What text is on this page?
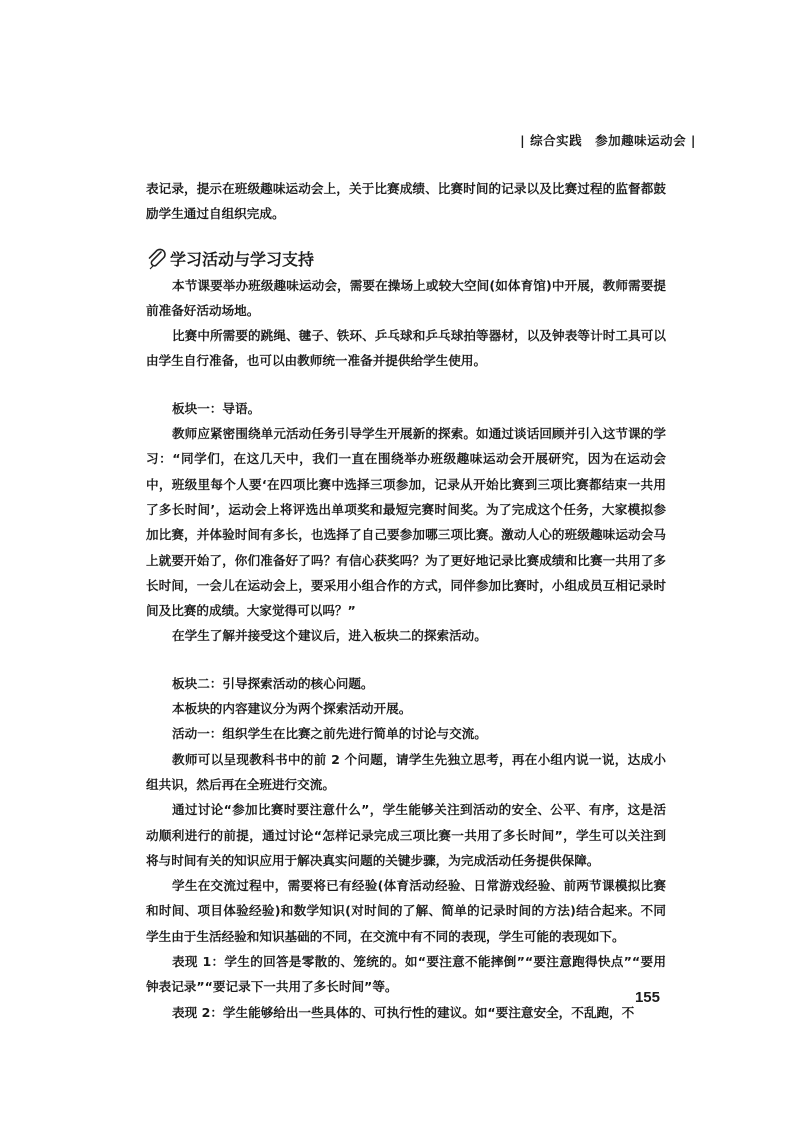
| 综合实践　参加趣味运动会 |

表记录，提示在班级趣味运动会上，关于比赛成绩、比赛时间的记录以及比赛过程的监督都鼓励学生通过自组织完成。

学习活动与学习支持

本节课要举办班级趣味运动会，需要在操场上或较大空间(如体育馆)中开展，教师需要提前准备好活动场地。

比赛中所需要的跳绳、毽子、铁环、乒乓球和乒乓球拍等器材，以及钟表等计时工具可以由学生自行准备，也可以由教师统一准备并提供给学生使用。

板块一：导语。

教师应紧密围绕单元活动任务引导学生开展新的探索。如通过谈话回顾并引入这节课的学习：“同学们，在这几天中，我们一直在围绕举办班级趣味运动会开展研究，因为在运动会中，班级里每个人要‘在四项比赛中选择三项参加，记录从开始比赛到三项比赛都结束一共用了多长时间’，运动会上将评选出单项奖和最短完赛时间奖。为了完成这个任务，大家模拟参加比赛，并体验时间有多长，也选择了自己要参加哪三项比赛。激动人心的班级趣味运动会马上就要开始了，你们准备好了吗？有信心获奖吗？为了更好地记录比赛成绩和比赛一共用了多长时间，一会儿在运动会上，要采用小组合作的方式，同伴参加比赛时，小组成员互相记录时间及比赛的成绩。大家觉得可以吗？”

在学生了解并接受这个建议后，进入板块二的探索活动。

板块二：引导探索活动的核心问题。

本板块的内容建议分为两个探索活动开展。

活动一：组织学生在比赛之前先进行简单的讨论与交流。

教师可以呈现教科书中的前 2 个问题，请学生先独立思考，再在小组内说一说，达成小组共识，然后再在全班进行交流。

通过讨论“参加比赛时要注意什么”，学生能够关注到活动的安全、公平、有序，这是活动顺利进行的前提，通过讨论“怎样记录完成三项比赛一共用了多长时间”，学生可以关注到将与时间有关的知识应用于解决真实问题的关键步骤，为完成活动任务提供保障。

学生在交流过程中，需要将已有经验(体育活动经验、日常游戏经验、前两节课模拟比赛和时间、项目体验经验)和数学知识(对时间的了解、简单的记录时间的方法)结合起来。不同学生由于生活经验和知识基础的不同，在交流中有不同的表现，学生可能的表现如下。

表现 1：学生的回答是零散的、笼统的。如“要注意不能摔倒”“要注意跑得快点”“要用钟表记录”“要记录下一共用了多长时间”等。

表现 2：学生能够给出一些具体的、可执行性的建议。如“要注意安全，不乱跑，不

155
